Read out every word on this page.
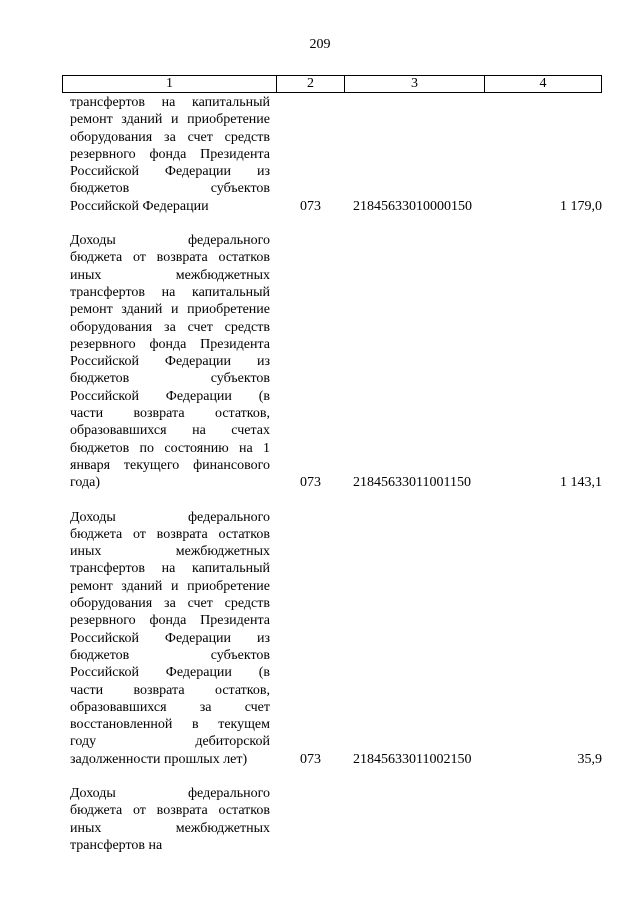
209
1	2	3	4
трансфертов на капитальный
ремонт зданий и приобретение
оборудования за счет средств
резервного фонда Президента
Российской Федерации из
бюджетов субъектов
Российской Федерации	073	21845633010000150	1 179,0
Доходы федерального
бюджета от возврата остатков
иных межбюджетных
трансфертов на капитальный
ремонт зданий и приобретение
оборудования за счет средств
резервного фонда Президента
Российской Федерации из
бюджетов субъектов
Российской Федерации (в
части возврата остатков,
образовавшихся на счетах
бюджетов по состоянию на 1
января текущего финансового
года)	073	21845633011001150	1 143,1
Доходы федерального
бюджета от возврата остатков
иных межбюджетных
трансфертов на капитальный
ремонт зданий и приобретение
оборудования за счет средств
резервного фонда Президента
Российской Федерации из
бюджетов субъектов
Российской Федерации (в
части возврата остатков,
образовавшихся за счет
восстановленной в текущем
году дебиторской
задолженности прошлых лет)	073	21845633011002150	35,9
Доходы федерального
бюджета от возврата остатков
иных межбюджетных
трансфертов на
